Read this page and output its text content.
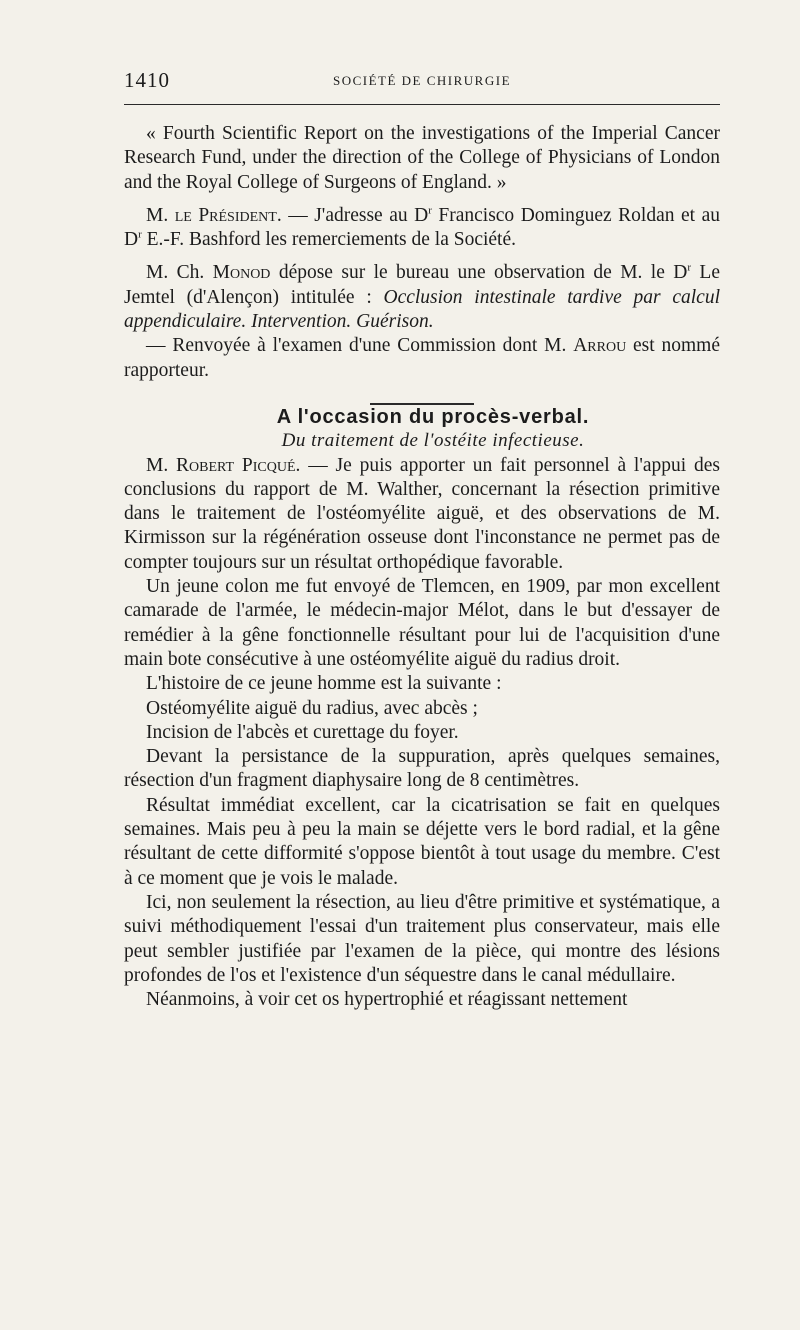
1410	SOCIÉTÉ DE CHIRURGIE

« Fourth Scientific Report on the investigations of the Imperial Cancer Research Fund, under the direction of the College of Physicians of London and the Royal College of Surgeons of England. »

M. le Président. — J'adresse au $D^r$ Francisco Dominguez Roldan et au $D^r$ E.-F. Bashford les remerciements de la Société.

M. Ch. Monod dépose sur le bureau une observation de M. le $D^r$ Le Jemtel (d'Alençon) intitulée : Occlusion intestinale tardive par calcul appendiculaire. Intervention. Guérison.

— Renvoyée à l'examen d'une Commission dont M. Arrou est nommé rapporteur.

A l'occasion du procès-verbal.

Du traitement de l'ostéite infectieuse.

M. Robert Picqué. — Je puis apporter un fait personnel à l'appui des conclusions du rapport de M. Walther, concernant la résection primitive dans le traitement de l'ostéomyélite aiguë, et des observations de M. Kirmisson sur la régénération osseuse dont l'inconstance ne permet pas de compter toujours sur un résultat orthopédique favorable.

Un jeune colon me fut envoyé de Tlemcen, en 1909, par mon excellent camarade de l'armée, le médecin-major Mélot, dans le but d'essayer de remédier à la gêne fonctionnelle résultant pour lui de l'acquisition d'une main bote consécutive à une ostéomyélite aiguë du radius droit.

L'histoire de ce jeune homme est la suivante :

Ostéomyélite aiguë du radius, avec abcès ;

Incision de l'abcès et curettage du foyer.

Devant la persistance de la suppuration, après quelques semaines, résection d'un fragment diaphysaire long de 8 centimètres.

Résultat immédiat excellent, car la cicatrisation se fait en quelques semaines. Mais peu à peu la main se déjette vers le bord radial, et la gêne résultant de cette difformité s'oppose bientôt à tout usage du membre. C'est à ce moment que je vois le malade.

Ici, non seulement la résection, au lieu d'être primitive et systématique, a suivi méthodiquement l'essai d'un traitement plus conservateur, mais elle peut sembler justifiée par l'examen de la pièce, qui montre des lésions profondes de l'os et l'existence d'un séquestre dans le canal médullaire.

Néanmoins, à voir cet os hypertrophié et réagissant nettement
